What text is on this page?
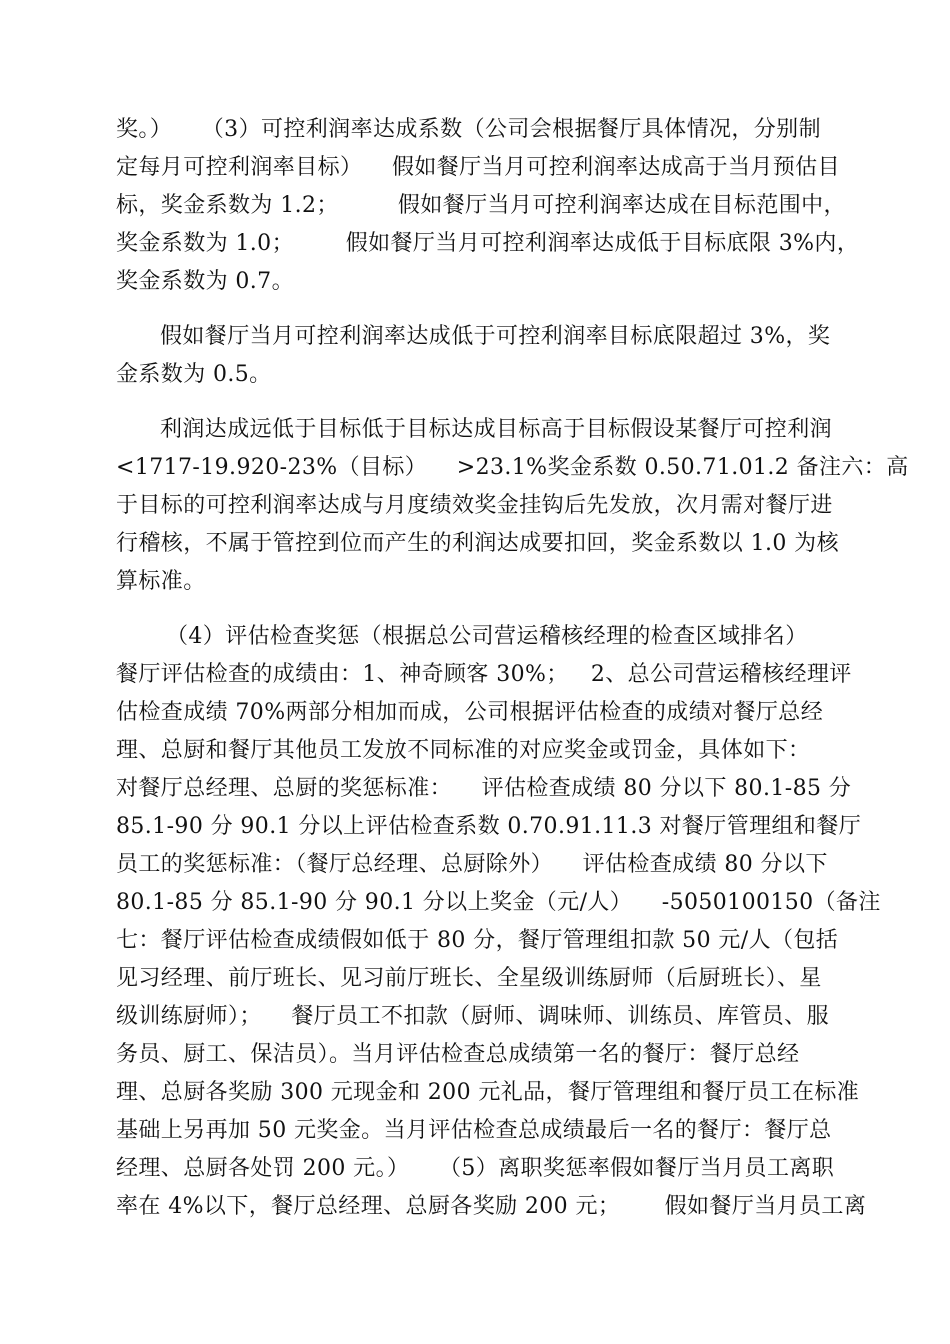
奖。）    （3）可控利润率达成系数（公司会根据餐厅具体情况，分别制
定每月可控利润率目标）    假如餐厅当月可控利润率达成高于当月预估目
标，奖金系数为 1.2；        假如餐厅当月可控利润率达成在目标范围中，
奖金系数为 1.0；       假如餐厅当月可控利润率达成低于目标底限 3%内，
奖金系数为 0.7。
假如餐厅当月可控利润率达成低于可控利润率目标底限超过 3%，奖
金系数为 0.5。
利润达成远低于目标低于目标达成目标高于目标假设某餐厅可控利润
<1717-19.920-23%（目标）    >23.1%奖金系数 0.50.71.01.2 备注六：高
于目标的可控利润率达成与月度绩效奖金挂钩后先发放，次月需对餐厅进
行稽核，不属于管控到位而产生的利润达成要扣回，奖金系数以 1.0 为核
算标准。
（4）评估检查奖惩（根据总公司营运稽核经理的检查区域排名）
餐厅评估检查的成绩由：1、神奇顾客 30%；   2、总公司营运稽核经理评
估检查成绩 70%两部分相加而成，公司根据评估检查的成绩对餐厅总经
理、总厨和餐厅其他员工发放不同标准的对应奖金或罚金，具体如下：
对餐厅总经理、总厨的奖惩标准：    评估检查成绩 80 分以下 80.1-85 分
85.1-90 分 90.1 分以上评估检查系数 0.70.91.11.3 对餐厅管理组和餐厅
员工的奖惩标准：（餐厅总经理、总厨除外）    评估检查成绩 80 分以下
80.1-85 分 85.1-90 分 90.1 分以上奖金（元/人）    -5050100150（备注
七：餐厅评估检查成绩假如低于 80 分，餐厅管理组扣款 50 元/人（包括
见习经理、前厅班长、见习前厅班长、全星级训练厨师（后厨班长）、星
级训练厨师）；    餐厅员工不扣款（厨师、调味师、训练员、库管员、服
务员、厨工、保洁员）。当月评估检查总成绩第一名的餐厅：餐厅总经
理、总厨各奖励 300 元现金和 200 元礼品，餐厅管理组和餐厅员工在标准
基础上另再加 50 元奖金。当月评估检查总成绩最后一名的餐厅：餐厅总
经理、总厨各处罚 200 元。）    （5）离职奖惩率假如餐厅当月员工离职
率在 4%以下，餐厅总经理、总厨各奖励 200 元；      假如餐厅当月员工离
